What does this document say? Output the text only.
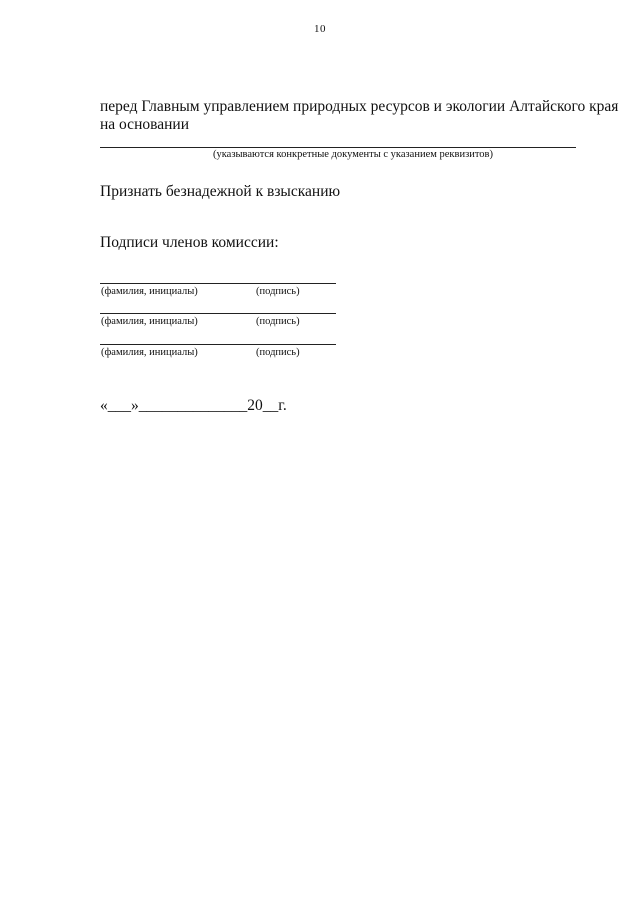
10
перед Главным управлением природных ресурсов и экологии Алтайского края
на основании
(указываются конкретные документы с указанием реквизитов)
Признать безнадежной к взысканию
Подписи членов комиссии:
(фамилия, инициалы)	(подпись)
(фамилия, инициалы)	(подпись)
(фамилия, инициалы)	(подпись)
«___»______________20__г.
